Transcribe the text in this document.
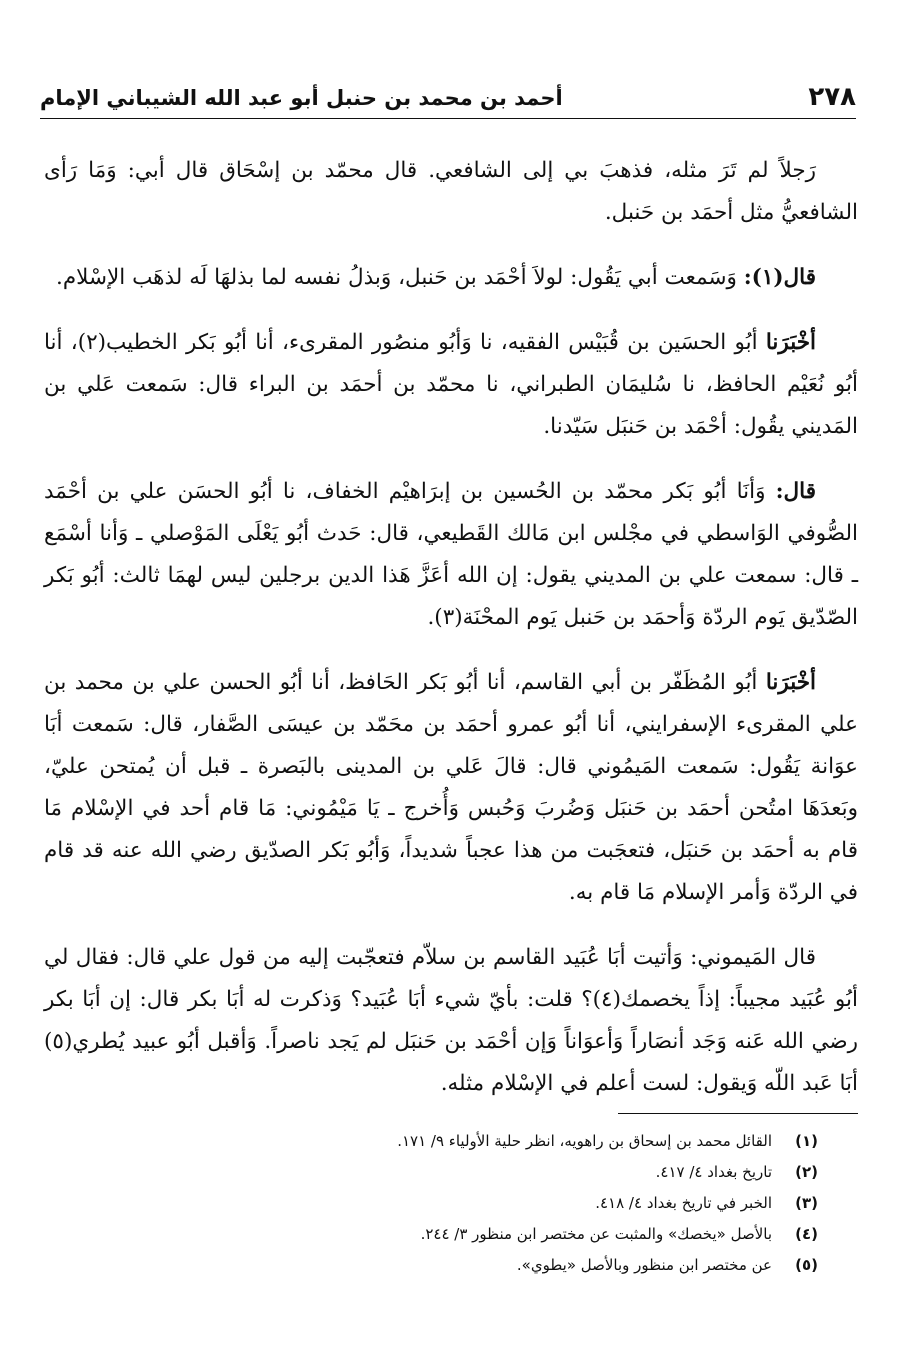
٢٧٨
أحمد بن محمد بن حنبل أبو عبد الله الشيباني الإمام

رَجلاً لم تَرَ مثله، فذهبَ بي إلى الشافعي. قال محمّد بن إسْحَاق قال أبي: وَمَا رَأى الشافعيُّ مثل أحمَد بن حَنبل.

قال(١): وَسَمعت أبي يَقُول: لولاَ أحْمَد بن حَنبل، وَبذلُ نفسه لما بذلهَا لَه لذهَب الإسْلام.

أخْبَرَنا أبُو الحسَين بن قُبَيْس الفقيه، نا وَأبُو منصُور المقرىء، أنا أبُو بَكر الخطيب(٢)، أنا أبُو نُعَيْم الحافظ، نا سُليمَان الطبراني، نا محمّد بن أحمَد بن البراء قال: سَمعت عَلي بن المَديني يقُول: أحْمَد بن حَنبَل سَيّدنا.

قال: وَأنَا أبُو بَكر محمّد بن الحُسين بن إبرَاهيْم الخفاف، نا أبُو الحسَن علي بن أحْمَد الصُّوفي الوَاسطي في مجْلس ابن مَالك القَطيعي، قال: حَدث أبُو يَعْلَى المَوْصلي ـ وَأنا أسْمَع ـ قال: سمعت علي بن المديني يقول: إن الله أعَزَّ هَذا الدين برجلين ليس لهمَا ثالث: أبُو بَكر الصّدّيق يَوم الردّة وَأحمَد بن حَنبل يَوم المحْنَة(٣).

أخْبَرَنا أبُو المُظَفّر بن أبي القاسم، أنا أبُو بَكر الحَافظ، أنا أبُو الحسن علي بن محمد بن علي المقرىء الإسفرايني، أنا أبُو عمرو أحمَد بن محَمّد بن عيسَى الصَّفار، قال: سَمعت أبَا عوَانة يَقُول: سَمعت المَيمُوني قال: قالَ عَلي بن المدينى بالبَصرة ـ قبل أن يُمتحن عليّ، وبَعدَهَا امتُحن أحمَد بن حَنبَل وَضُربَ وَحُبس وَأُخرج ـ يَا مَيْمُوني: مَا قام أحد في الإسْلام مَا قام به أحمَد بن حَنبَل، فتعجَبت من هذا عجباً شديداً، وَأبُو بَكر الصدّيق رضي الله عنه قد قام في الردّة وَأمر الإسلام مَا قام به.

قال المَيموني: وَأتيت أبَا عُبَيد القاسم بن سلاّم فتعجّبت إليه من قول علي قال: فقال لي أبُو عُبَيد مجيباً: إذاً يخصمك(٤)؟ قلت: بأيّ شيء أبَا عُبَيد؟ وَذكرت له أبَا بكر قال: إن أبَا بكر رضي الله عَنه وَجَد أنصَاراً وَأعوَاناً وَإن أحْمَد بن حَنبَل لم يَجد ناصراً. وَأقبل أبُو عبيد يُطري(٥) أبَا عَبد اللّه وَيقول: لست أعلم في الإسْلام مثله.

(١)القائل محمد بن إسحاق بن راهويه، انظر حلية الأولياء ٩/ ١٧١.
(٢)تاريخ بغداد ٤/ ٤١٧.
(٣)الخبر في تاريخ بغداد ٤/ ٤١٨.
(٤)بالأصل «يخصك» والمثبت عن مختصر ابن منظور ٣/ ٢٤٤.
(٥)عن مختصر ابن منظور وبالأصل «يطوي».
